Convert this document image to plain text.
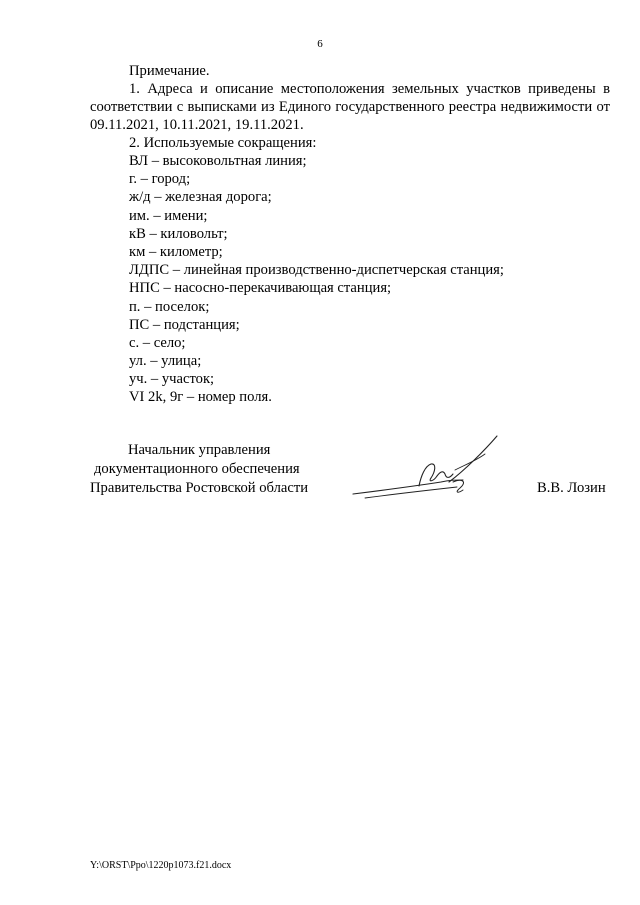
6

Примечание.

1. Адреса и описание местоположения земельных участков приведены в соответствии с выписками из Единого государственного реестра недвижимости от 09.11.2021, 10.11.2021, 19.11.2021.

2. Используемые сокращения:

ВЛ – высоковольтная линия;
г. – город;
ж/д – железная дорога;
им. – имени;
кВ – киловольт;
км – километр;
ЛДПС – линейная производственно-диспетчерская станция;
НПС – насосно-перекачивающая станция;
п. – поселок;
ПС – подстанция;
с. – село;
ул. – улица;
уч. – участок;
VI 2k, 9г – номер поля.
Начальник управления
документационного обеспечения
Правительства Ростовской области	В.В. Лозин
Y:\ORST\Ppo\1220p1073.f21.docx
